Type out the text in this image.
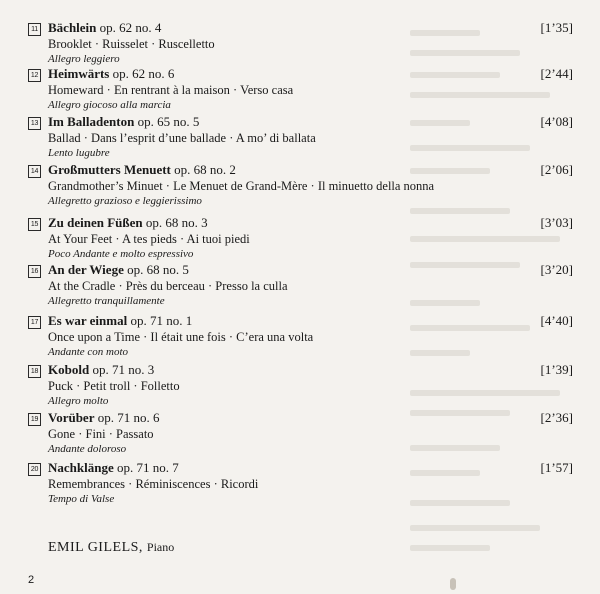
11 Bächlein op. 62 no. 4	[1’35]
Brooklet · Ruisselet · Ruscelletto
Allegro leggiero
12 Heimwärts op. 62 no. 6	[2’44]
Homeward · En rentrant à la maison · Verso casa
Allegro giocoso alla marcia
13 Im Balladenton op. 65 no. 5	[4’08]
Ballad · Dans l’esprit d’une ballade · A mo’ di ballata
Lento lugubre
14 Großmutters Menuett op. 68 no. 2	[2’06]
Grandmother’s Minuet · Le Menuet de Grand-Mère · Il minuetto della nonna
Allegretto grazioso e leggierissimo
15 Zu deinen Füßen op. 68 no. 3	[3’03]
At Your Feet · A tes pieds · Ai tuoi piedi
Poco Andante e molto espressivo
16 An der Wiege op. 68 no. 5	[3’20]
At the Cradle · Près du berceau · Presso la culla
Allegretto tranquillamente
17 Es war einmal op. 71 no. 1	[4’40]
Once upon a Time · Il était une fois · C’era una volta
Andante con moto
18 Kobold op. 71 no. 3	[1’39]
Puck · Petit troll · Folletto
Allegro molto
19 Vorüber op. 71 no. 6	[2’36]
Gone · Fini · Passato
Andante doloroso
20 Nachklänge op. 71 no. 7	[1’57]
Remembrances · Réminiscences · Ricordi
Tempo di Valse
EMIL GILELS, Piano
2
